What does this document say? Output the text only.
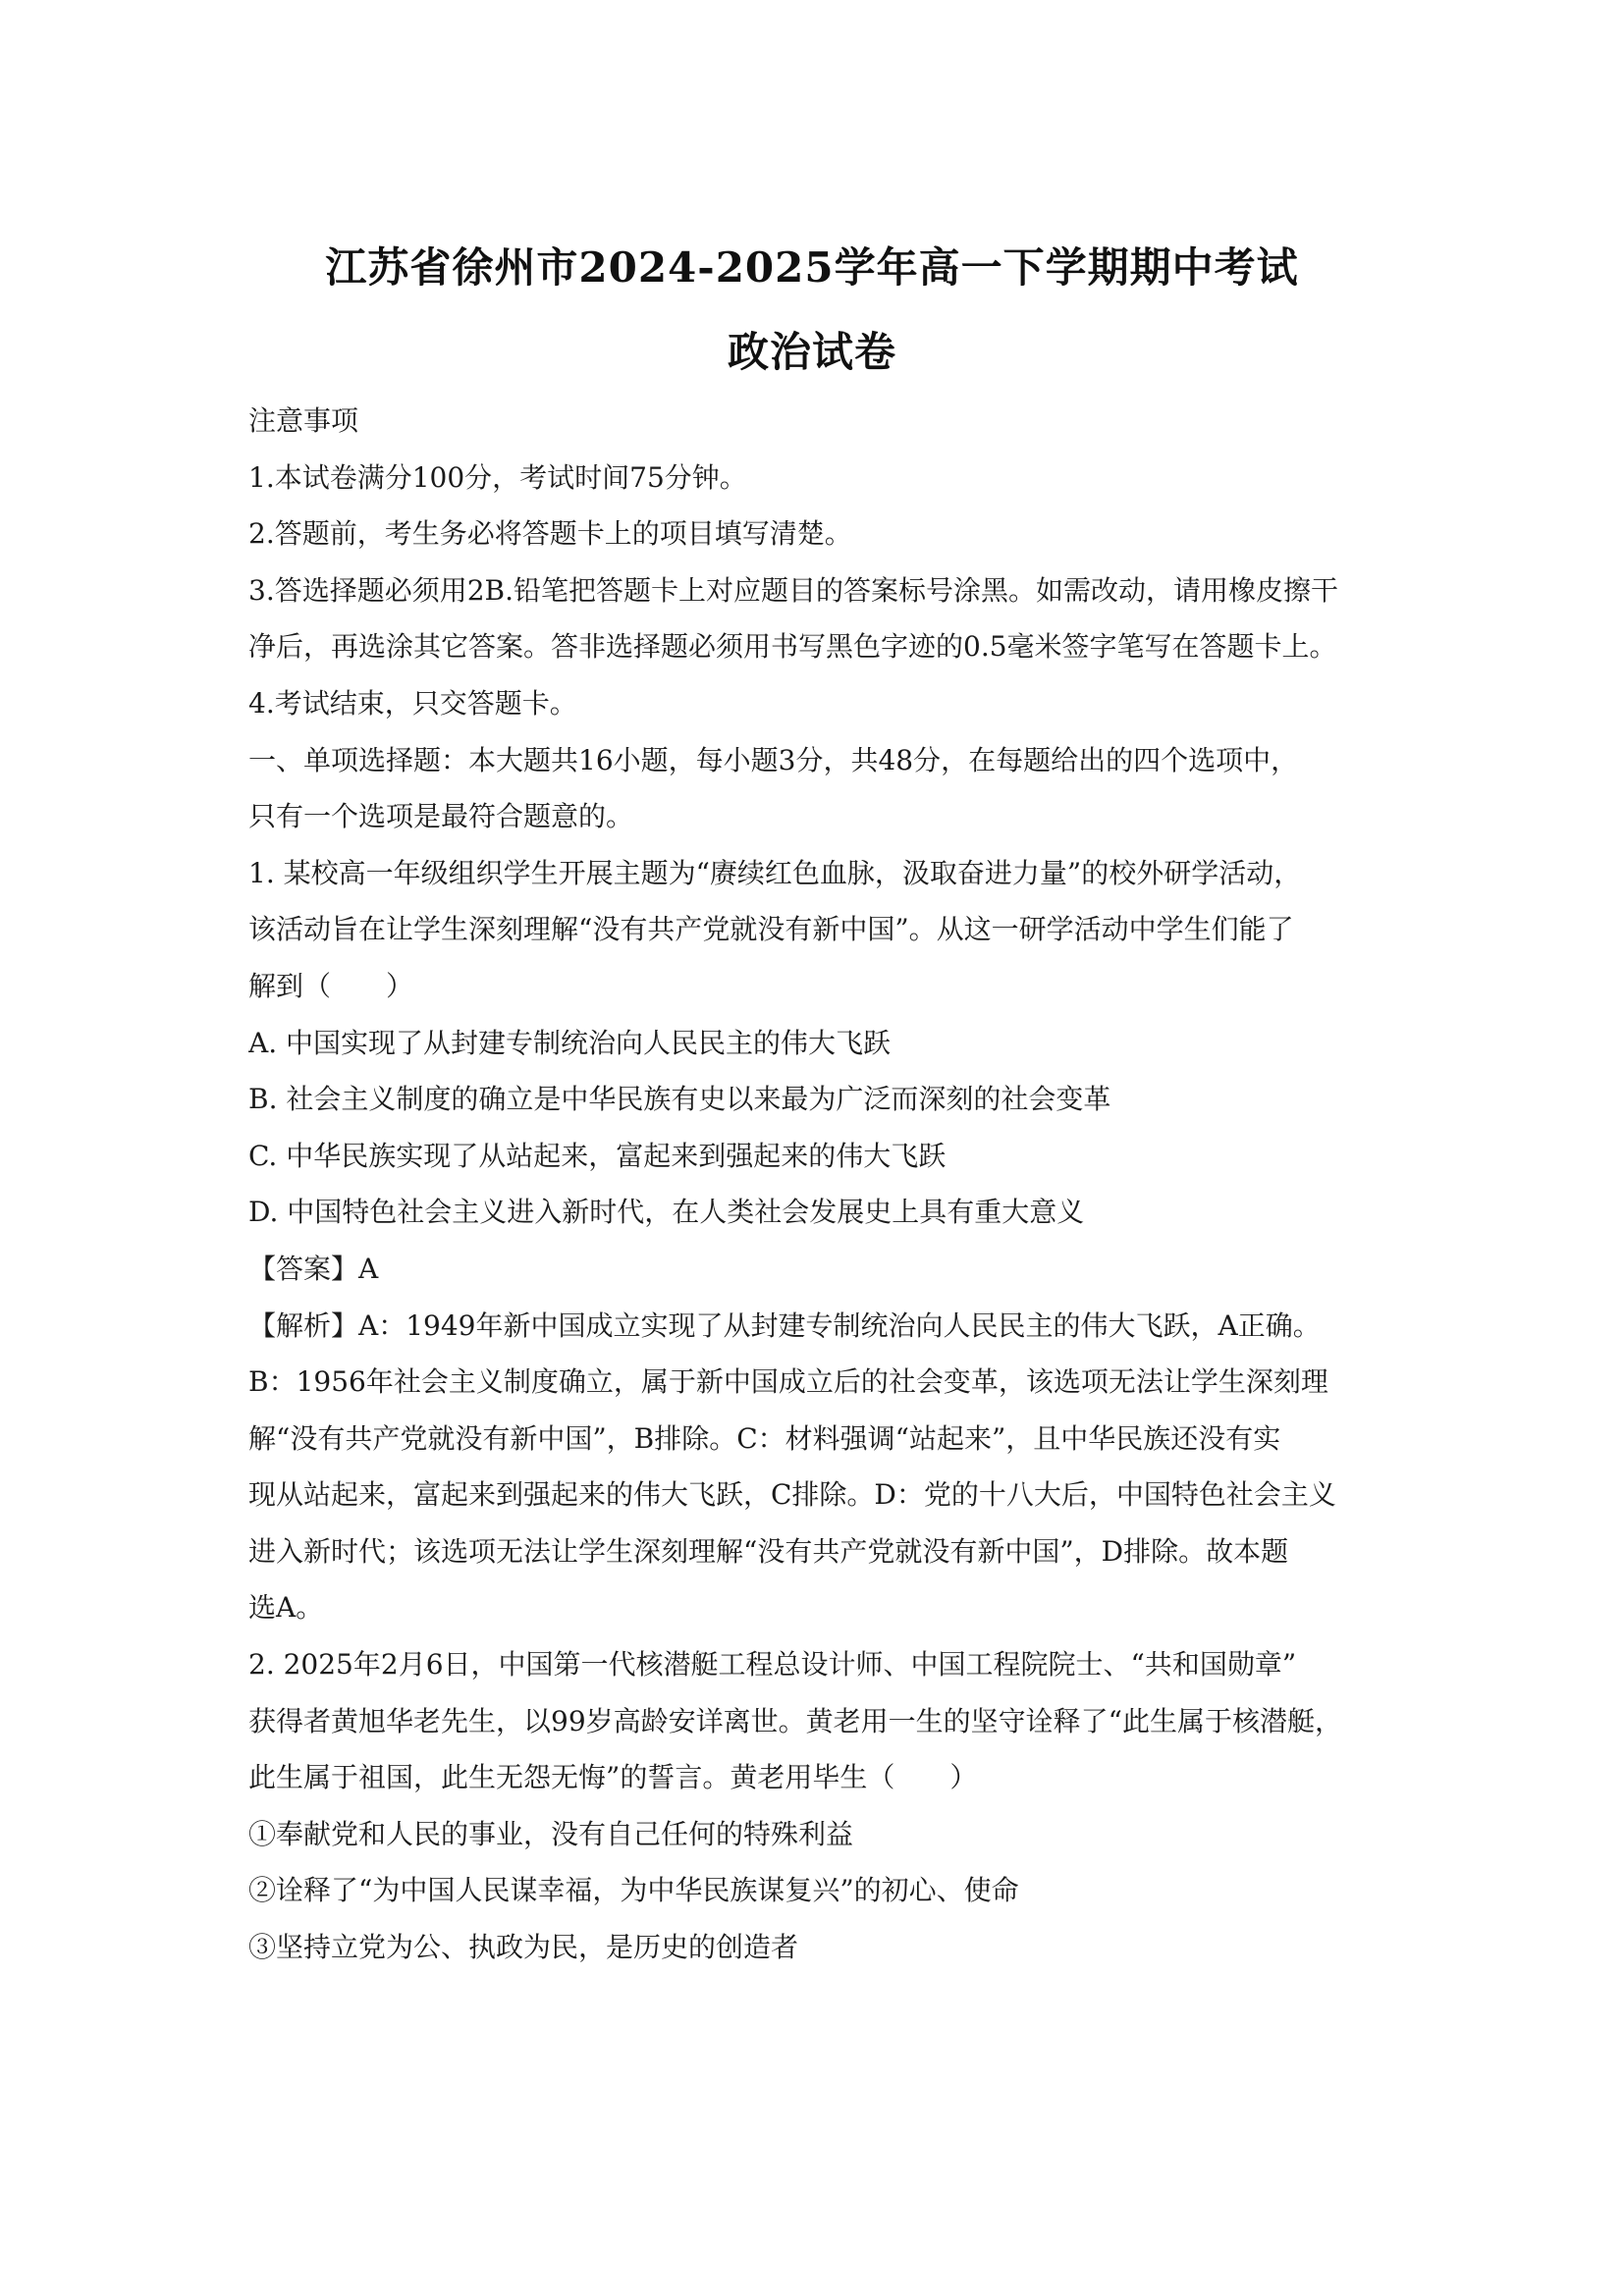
江苏省徐州市2024-2025学年高一下学期期中考试
政治试卷
注意事项
1.本试卷满分100分，考试时间75分钟。
2.答题前，考生务必将答题卡上的项目填写清楚。
3.答选择题必须用2B.铅笔把答题卡上对应题目的答案标号涂黑。如需改动，请用橡皮擦干
净后，再选涂其它答案。答非选择题必须用书写黑色字迹的0.5毫米签字笔写在答题卡上。
4.考试结束，只交答题卡。
一、单项选择题：本大题共16小题，每小题3分，共48分，在每题给出的四个选项中，
只有一个选项是最符合题意的。
1. 某校高一年级组织学生开展主题为“赓续红色血脉，汲取奋进力量”的校外研学活动，
该活动旨在让学生深刻理解“没有共产党就没有新中国”。从这一研学活动中学生们能了
解到（　　）
A. 中国实现了从封建专制统治向人民民主的伟大飞跃
B. 社会主义制度的确立是中华民族有史以来最为广泛而深刻的社会变革
C. 中华民族实现了从站起来，富起来到强起来的伟大飞跃
D. 中国特色社会主义进入新时代，在人类社会发展史上具有重大意义
【答案】A
【解析】A：1949年新中国成立实现了从封建专制统治向人民民主的伟大飞跃，A正确。
B：1956年社会主义制度确立，属于新中国成立后的社会变革，该选项无法让学生深刻理
解“没有共产党就没有新中国”，B排除。C：材料强调“站起来”，且中华民族还没有实
现从站起来，富起来到强起来的伟大飞跃，C排除。D：党的十八大后，中国特色社会主义
进入新时代；该选项无法让学生深刻理解“没有共产党就没有新中国”，D排除。故本题
选A。
2. 2025年2月6日，中国第一代核潜艇工程总设计师、中国工程院院士、“共和国勋章”
获得者黄旭华老先生，以99岁高龄安详离世。黄老用一生的坚守诠释了“此生属于核潜艇，
此生属于祖国，此生无怨无悔”的誓言。黄老用毕生（　　）
①奉献党和人民的事业，没有自己任何的特殊利益
②诠释了“为中国人民谋幸福，为中华民族谋复兴”的初心、使命
③坚持立党为公、执政为民，是历史的创造者
